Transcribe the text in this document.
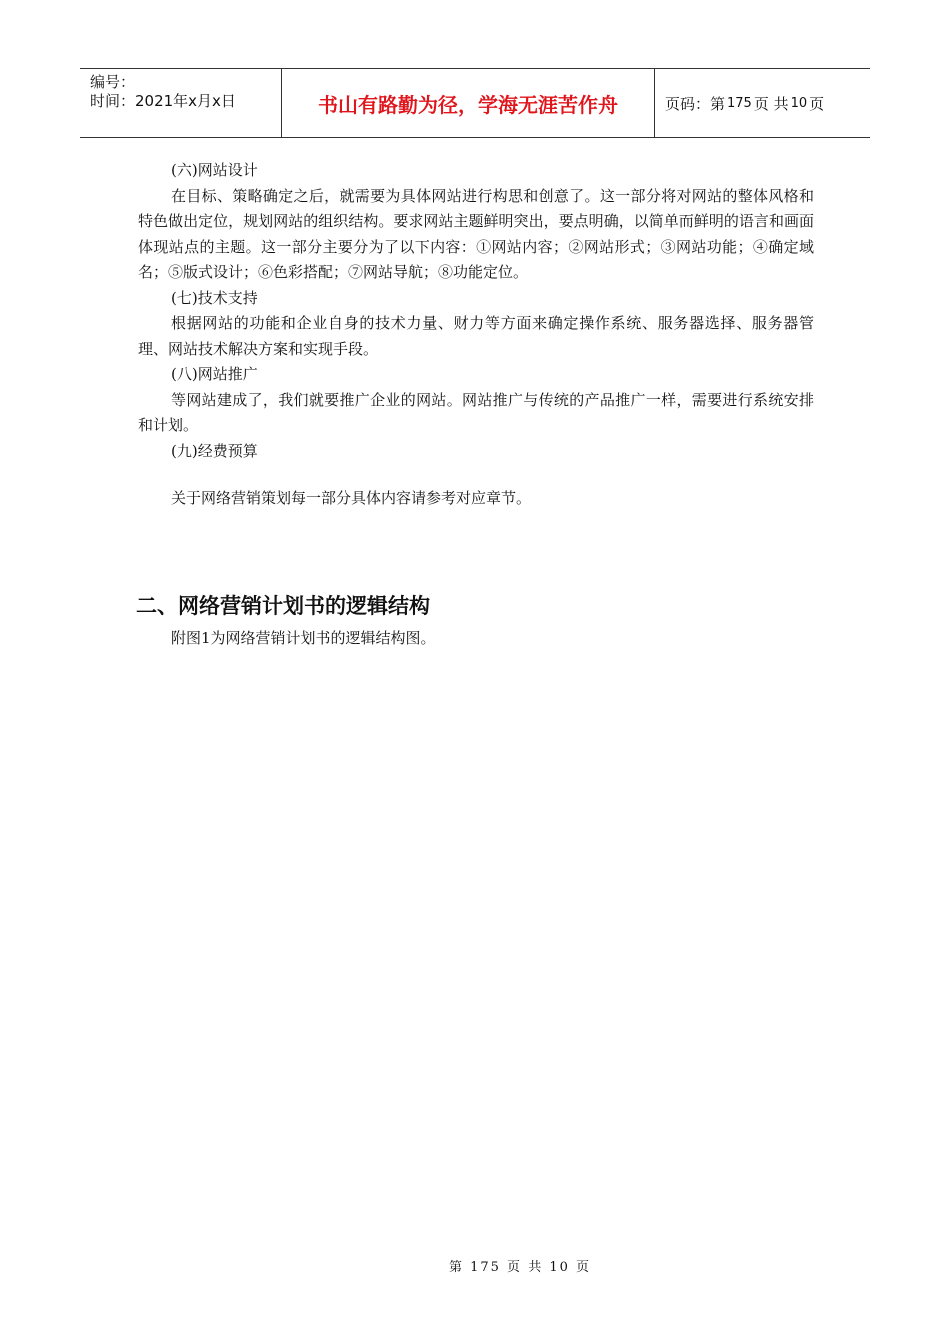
编号：
时间：2021年x月x日	书山有路勤为径，学海无涯苦作舟	页码：第 175 页 共 10 页

(六)网站设计

在目标、策略确定之后，就需要为具体网站进行构思和创意了。这一部分将对网站的整体风格和特色做出定位，规划网站的组织结构。要求网站主题鲜明突出，要点明确，以简单而鲜明的语言和画面体现站点的主题。这一部分主要分为了以下内容：①网站内容；②网站形式；③网站功能；④确定域名；⑤版式设计；⑥色彩搭配；⑦网站导航；⑧功能定位。

(七)技术支持

根据网站的功能和企业自身的技术力量、财力等方面来确定操作系统、服务器选择、服务器管理、网站技术解决方案和实现手段。

(八)网站推广

等网站建成了，我们就要推广企业的网站。网站推广与传统的产品推广一样，需要进行系统安排和计划。

(九)经费预算

关于网络营销策划每一部分具体内容请参考对应章节。

二、网络营销计划书的逻辑结构

附图1为网络营销计划书的逻辑结构图。

第 175 页 共 10 页
